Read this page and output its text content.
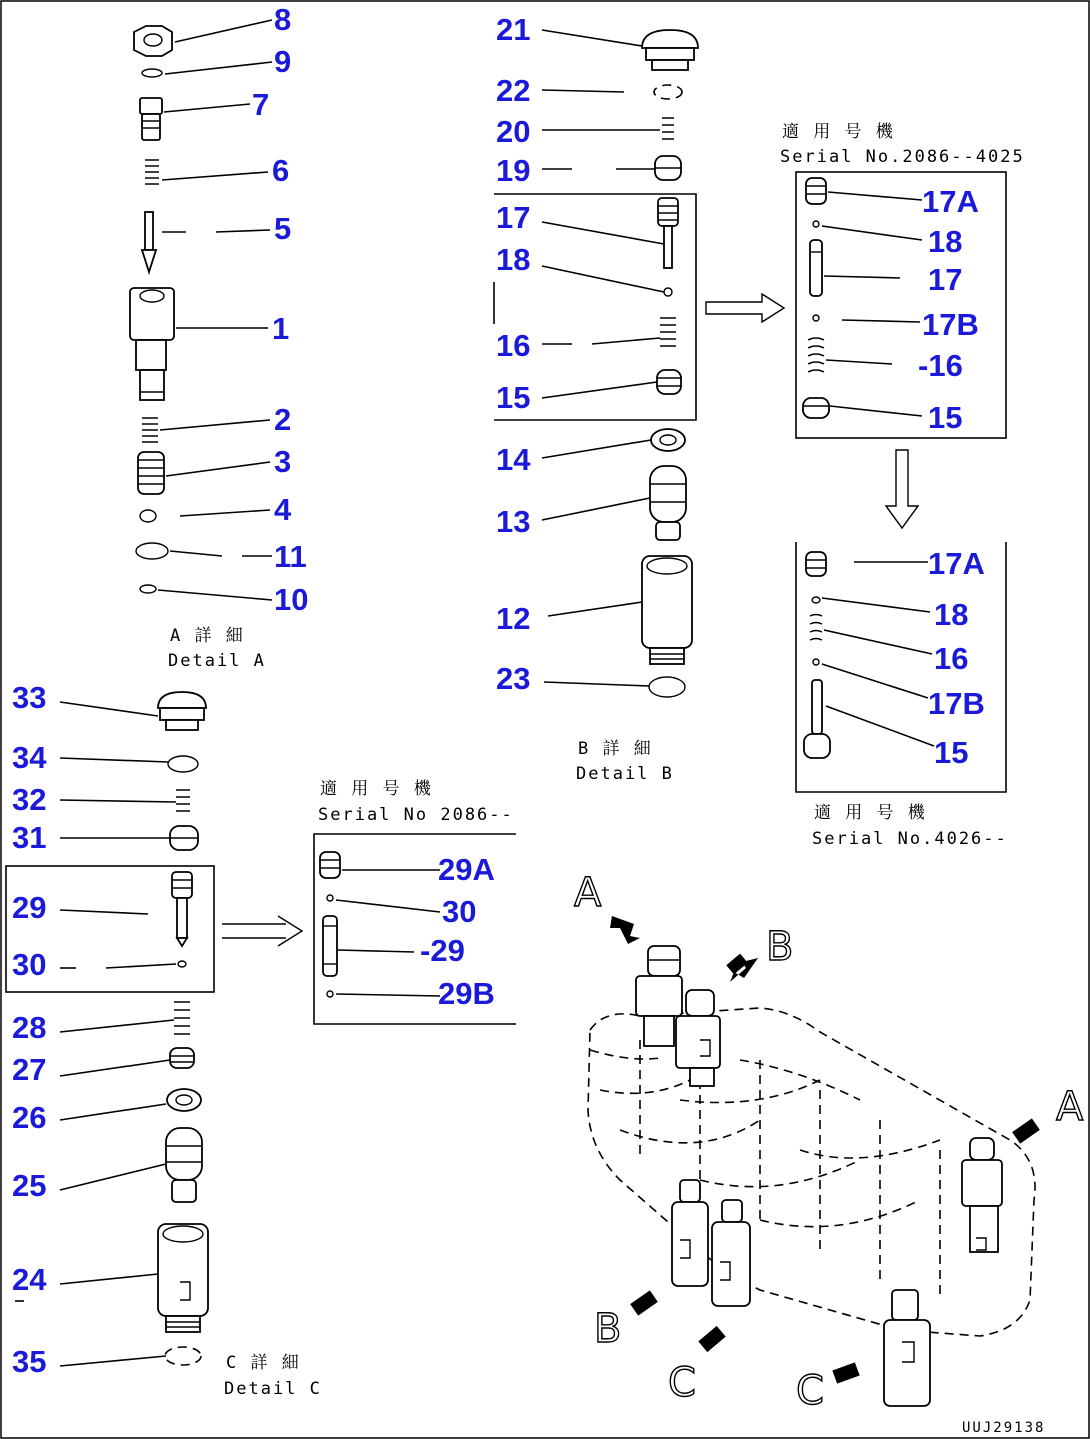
8
9
7
6
5
1
2
3
4
11
10
A 詳 細
Detail A
21
22
20
19
17
18
16
15
14
13
12
23
B 詳 細
Detail B
適 用 号 機
Serial No.2086--4025
17A
18
17
17B
-16
15
17A
18
16
17B
15
適 用 号 機
Serial No.4026--
33
34
32
31
29
30
28
27
26
25
24
35	C 詳 細
Detail C
適 用 号 機
Serial No 2086--
29A
30
-29
29B
A
B
A
B
C	C
UUJ29138
